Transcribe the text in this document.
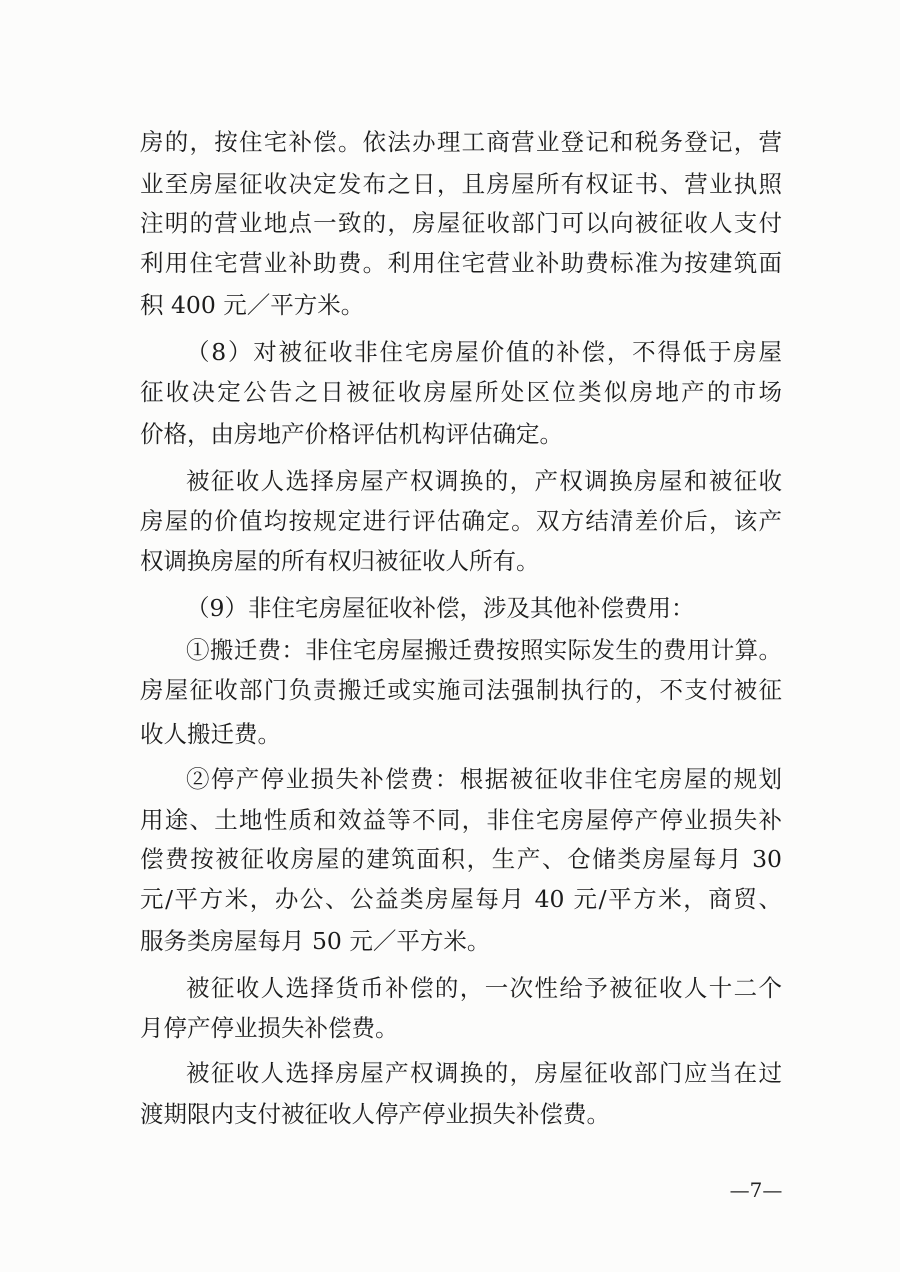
房的，按住宅补偿。依法办理工商营业登记和税务登记，营
业至房屋征收决定发布之日，且房屋所有权证书、营业执照
注明的营业地点一致的，房屋征收部门可以向被征收人支付
利用住宅营业补助费。利用住宅营业补助费标准为按建筑面
积 400 元／平方米。
（8）对被征收非住宅房屋价值的补偿，不得低于房屋
征收决定公告之日被征收房屋所处区位类似房地产的市场
价格，由房地产价格评估机构评估确定。
被征收人选择房屋产权调换的，产权调换房屋和被征收
房屋的价值均按规定进行评估确定。双方结清差价后，该产
权调换房屋的所有权归被征收人所有。
（9）非住宅房屋征收补偿，涉及其他补偿费用：
①搬迁费：非住宅房屋搬迁费按照实际发生的费用计算。
房屋征收部门负责搬迁或实施司法强制执行的，不支付被征
收人搬迁费。
②停产停业损失补偿费：根据被征收非住宅房屋的规划
用途、土地性质和效益等不同，非住宅房屋停产停业损失补
偿费按被征收房屋的建筑面积，生产、仓储类房屋每月 30
元/平方米，办公、公益类房屋每月 40 元/平方米，商贸、
服务类房屋每月 50 元／平方米。
被征收人选择货币补偿的，一次性给予被征收人十二个
月停产停业损失补偿费。
被征收人选择房屋产权调换的，房屋征收部门应当在过
渡期限内支付被征收人停产停业损失补偿费。
—7—
